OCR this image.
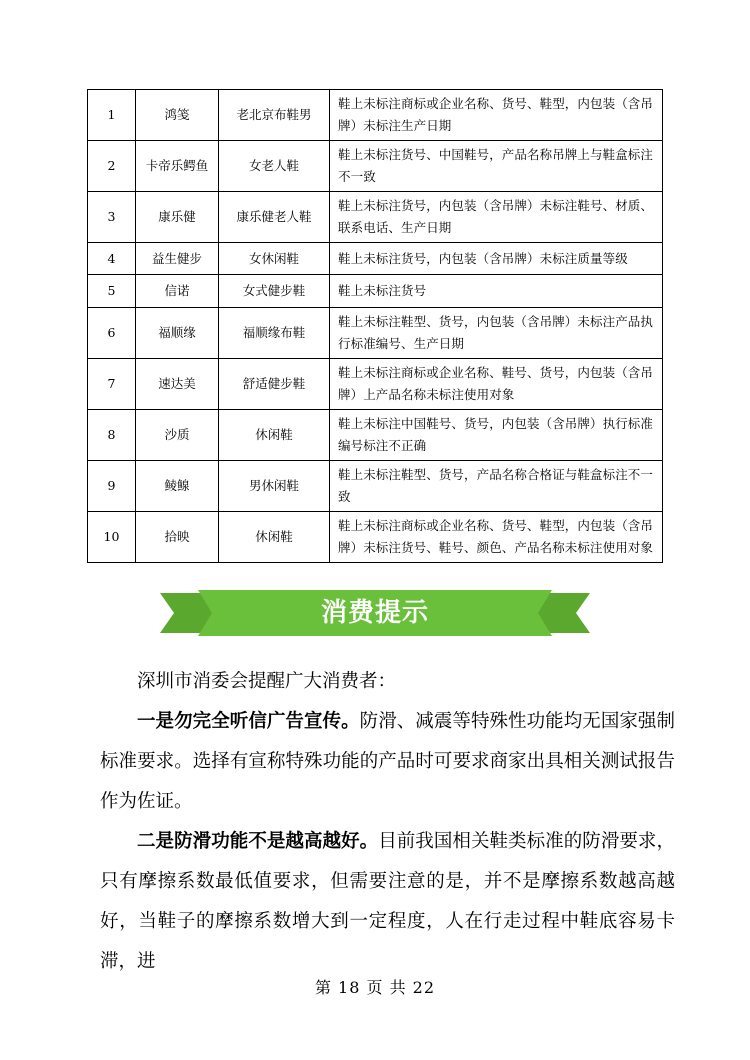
1	鸿笺	老北京布鞋男	鞋上未标注商标或企业名称、货号、鞋型，内包装（含吊牌）未标注生产日期
2	卡帝乐鳄鱼	女老人鞋	鞋上未标注货号、中国鞋号，产品名称吊牌上与鞋盒标注不一致
3	康乐健	康乐健老人鞋	鞋上未标注货号，内包装（含吊牌）未标注鞋号、材质、联系电话、生产日期
4	益生健步	女休闲鞋	鞋上未标注货号，内包装（含吊牌）未标注质量等级
5	信诺	女式健步鞋	鞋上未标注货号
6	福顺缘	福顺缘布鞋	鞋上未标注鞋型、货号，内包装（含吊牌）未标注产品执行标准编号、生产日期
7	速达美	舒适健步鞋	鞋上未标注商标或企业名称、鞋号、货号，内包装（含吊牌）上产品名称未标注使用对象
8	沙质	休闲鞋	鞋上未标注中国鞋号、货号，内包装（含吊牌）执行标准编号标注不正确
9	鲮鳈	男休闲鞋	鞋上未标注鞋型、货号，产品名称合格证与鞋盒标注不一致
10	拾映	休闲鞋	鞋上未标注商标或企业名称、货号、鞋型，内包装（含吊牌）未标注货号、鞋号、颜色、产品名称未标注使用对象
消费提示

深圳市消委会提醒广大消费者：

一是勿完全听信广告宣传。防滑、减震等特殊性功能均无国家强制标准要求。选择有宣称特殊功能的产品时可要求商家出具相关测试报告作为佐证。

二是防滑功能不是越高越好。目前我国相关鞋类标准的防滑要求，只有摩擦系数最低值要求，但需要注意的是，并不是摩擦系数越高越好，当鞋子的摩擦系数增大到一定程度，人在行走过程中鞋底容易卡滞，进

第 18 页 共 22
